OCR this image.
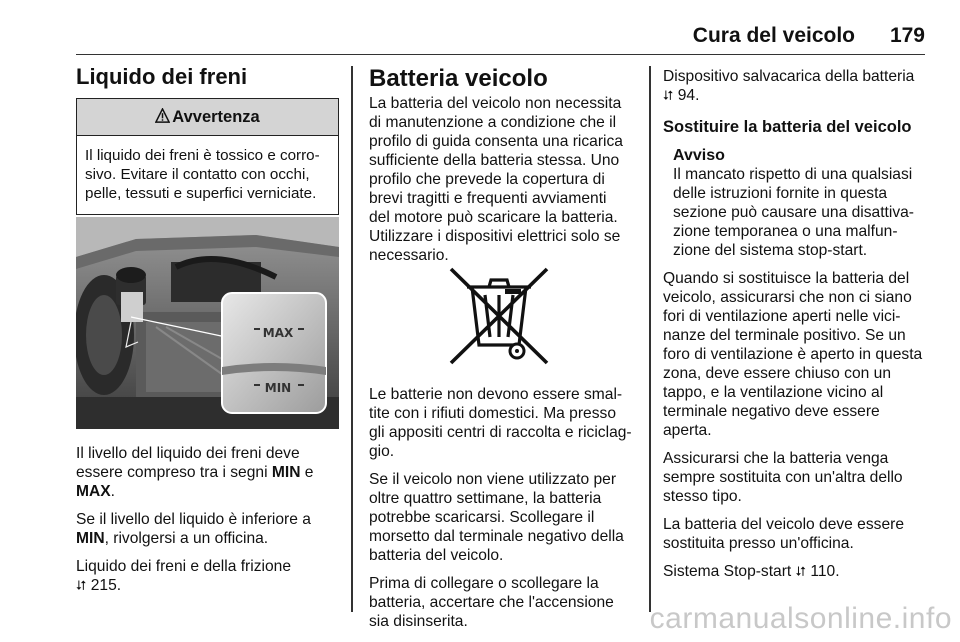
Cura del veicolo 179
Liquido dei freni
Avvertenza
Il liquido dei freni è tossico e corro-
sivo. Evitare il contatto con occhi,
pelle, tessuti e superfici verniciate.
MAX
MIN

Il livello del liquido dei freni deve
essere compreso tra i segni MIN e
MAX.

Se il livello del liquido è inferiore a
MIN, rivolgersi a un officina.

Liquido dei freni e della frizione
⮃ 215.

Batteria veicolo

La batteria del veicolo non necessita
di manutenzione a condizione che il
profilo di guida consenta una ricarica
sufficiente della batteria stessa. Uno
profilo che prevede la copertura di
brevi tragitti e frequenti avviamenti
del motore può scaricare la batteria.
Utilizzare i dispositivi elettrici solo se
necessario.

Le batterie non devono essere smal-
tite con i rifiuti domestici. Ma presso
gli appositi centri di raccolta e riciclag-
gio.

Se il veicolo non viene utilizzato per
oltre quattro settimane, la batteria
potrebbe scaricarsi. Scollegare il
morsetto dal terminale negativo della
batteria del veicolo.

Prima di collegare o scollegare la
batteria, accertare che l'accensione
sia disinserita.

Dispositivo salvacarica della batteria
⮃ 94.

Sostituire la batteria del veicolo
Avviso
Il mancato rispetto di una qualsiasi
delle istruzioni fornite in questa
sezione può causare una disattiva-
zione temporanea o una malfun-
zione del sistema stop-start.

Quando si sostituisce la batteria del
veicolo, assicurarsi che non ci siano
fori di ventilazione aperti nelle vici-
nanze del terminale positivo. Se un
foro di ventilazione è aperto in questa
zona, deve essere chiuso con un
tappo, e la ventilazione vicino al
terminale negativo deve essere
aperta.

Assicurarsi che la batteria venga
sempre sostituita con un'altra dello
stesso tipo.

La batteria del veicolo deve essere
sostituita presso un'officina.

Sistema Stop-start ⮃ 110.

carmanualsonline.info
